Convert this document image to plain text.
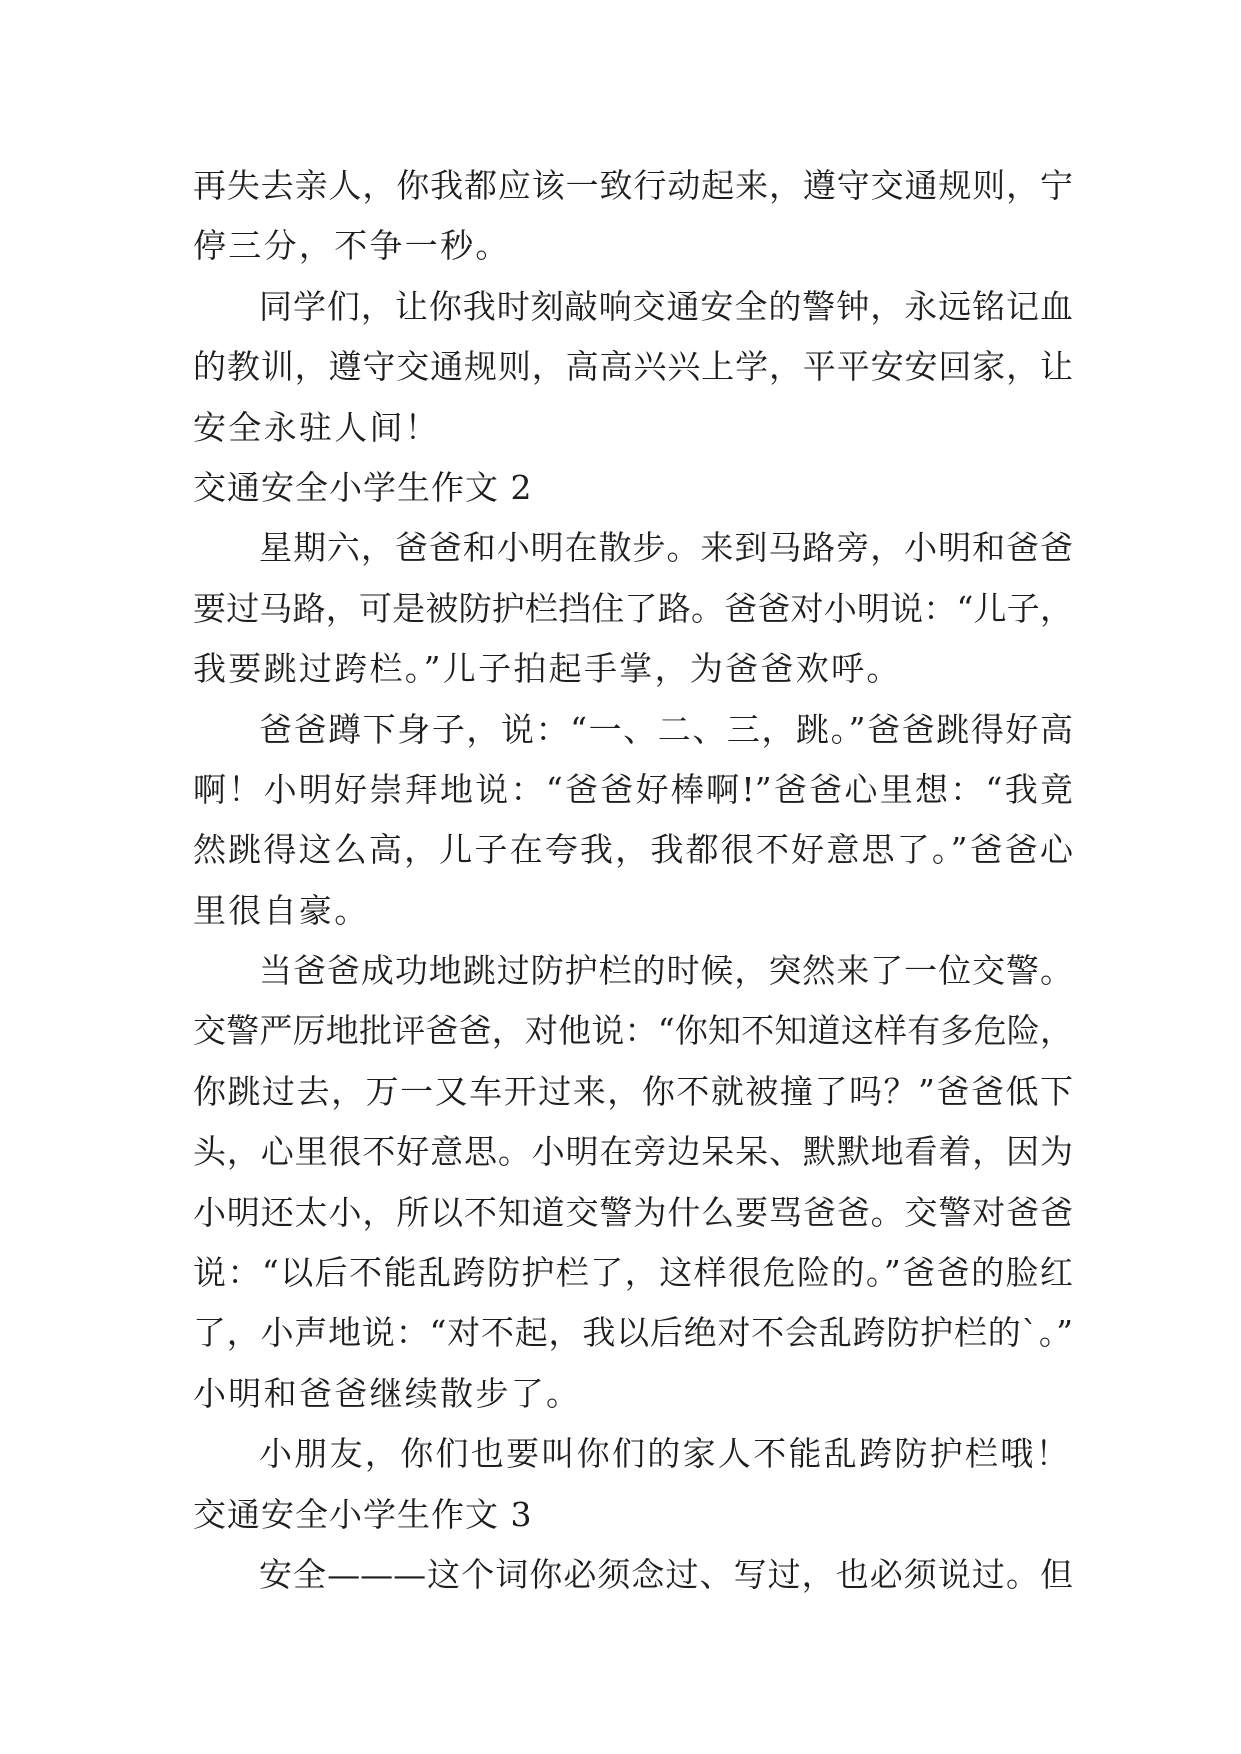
再失去亲人，你我都应该一致行动起来，遵守交通规则，宁
停三分，不争一秒。
同学们，让你我时刻敲响交通安全的警钟，永远铭记血
的教训，遵守交通规则，高高兴兴上学，平平安安回家，让
安全永驻人间！
交通安全小学生作文 2
星期六，爸爸和小明在散步。来到马路旁，小明和爸爸
要过马路，可是被防护栏挡住了路。爸爸对小明说：“儿子，
我要跳过跨栏。”儿子拍起手掌，为爸爸欢呼。
爸爸蹲下身子，说：“一、二、三，跳。”爸爸跳得好高
啊！小明好崇拜地说：“爸爸好棒啊!”爸爸心里想：“我竟
然跳得这么高，儿子在夸我，我都很不好意思了。”爸爸心
里很自豪。
当爸爸成功地跳过防护栏的时候，突然来了一位交警。
交警严厉地批评爸爸，对他说：“你知不知道这样有多危险，
你跳过去，万一又车开过来，你不就被撞了吗？”爸爸低下
头，心里很不好意思。小明在旁边呆呆、默默地看着，因为
小明还太小，所以不知道交警为什么要骂爸爸。交警对爸爸
说：“以后不能乱跨防护栏了，这样很危险的。”爸爸的脸红
了，小声地说：“对不起，我以后绝对不会乱跨防护栏的`。”
小明和爸爸继续散步了。
小朋友，你们也要叫你们的家人不能乱跨防护栏哦！
交通安全小学生作文 3
安全———这个词你必须念过、写过，也必须说过。但
